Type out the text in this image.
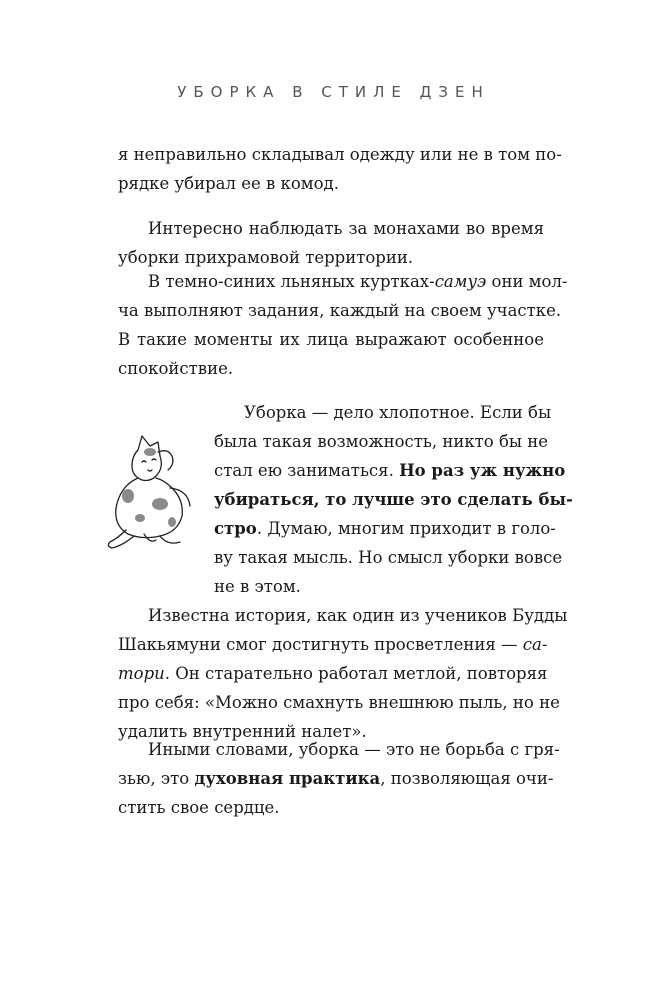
УБОРКА В СТИЛЕ ДЗЕН

я неправильно складывал одежду или не в том по-
рядке убирал ее в комод.

Интересно наблюдать за монахами во время
уборки прихрамовой территории.

В темно-синих льняных куртках-самуэ они мол-
ча выполняют задания, каждый на своем участке.
В такие моменты их лица выражают особенное
спокойствие.

Уборка — дело хлопотное. Если бы
была такая возможность, никто бы не
стал ею заниматься. Но раз уж нужно
убираться, то лучше это сделать бы-
стро. Думаю, многим приходит в голо-
ву такая мысль. Но смысл уборки вовсе
не в этом.

Известна история, как один из учеников Будды
Шакьямуни смог достигнуть просветления — са-
тори. Он старательно работал метлой, повторяя
про себя: «Можно смахнуть внешнюю пыль, но не
удалить внутренний налет».

Иными словами, уборка — это не борьба с гря-
зью, это духовная практика, позволяющая очи-
стить свое сердце.
